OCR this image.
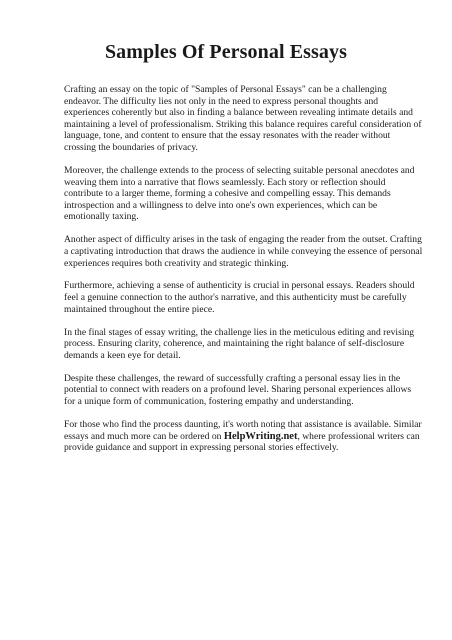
Samples Of Personal Essays

Crafting an essay on the topic of "Samples of Personal Essays" can be a challenging endeavor. The difficulty lies not only in the need to express personal thoughts and experiences coherently but also in finding a balance between revealing intimate details and maintaining a level of professionalism. Striking this balance requires careful consideration of language, tone, and content to ensure that the essay resonates with the reader without crossing the boundaries of privacy.

Moreover, the challenge extends to the process of selecting suitable personal anecdotes and weaving them into a narrative that flows seamlessly. Each story or reflection should contribute to a larger theme, forming a cohesive and compelling essay. This demands introspection and a willingness to delve into one's own experiences, which can be emotionally taxing.

Another aspect of difficulty arises in the task of engaging the reader from the outset. Crafting a captivating introduction that draws the audience in while conveying the essence of personal experiences requires both creativity and strategic thinking.

Furthermore, achieving a sense of authenticity is crucial in personal essays. Readers should feel a genuine connection to the author's narrative, and this authenticity must be carefully maintained throughout the entire piece.

In the final stages of essay writing, the challenge lies in the meticulous editing and revising process. Ensuring clarity, coherence, and maintaining the right balance of self-disclosure demands a keen eye for detail.

Despite these challenges, the reward of successfully crafting a personal essay lies in the potential to connect with readers on a profound level. Sharing personal experiences allows for a unique form of communication, fostering empathy and understanding.

For those who find the process daunting, it's worth noting that assistance is available. Similar essays and much more can be ordered on HelpWriting.net, where professional writers can provide guidance and support in expressing personal stories effectively.
